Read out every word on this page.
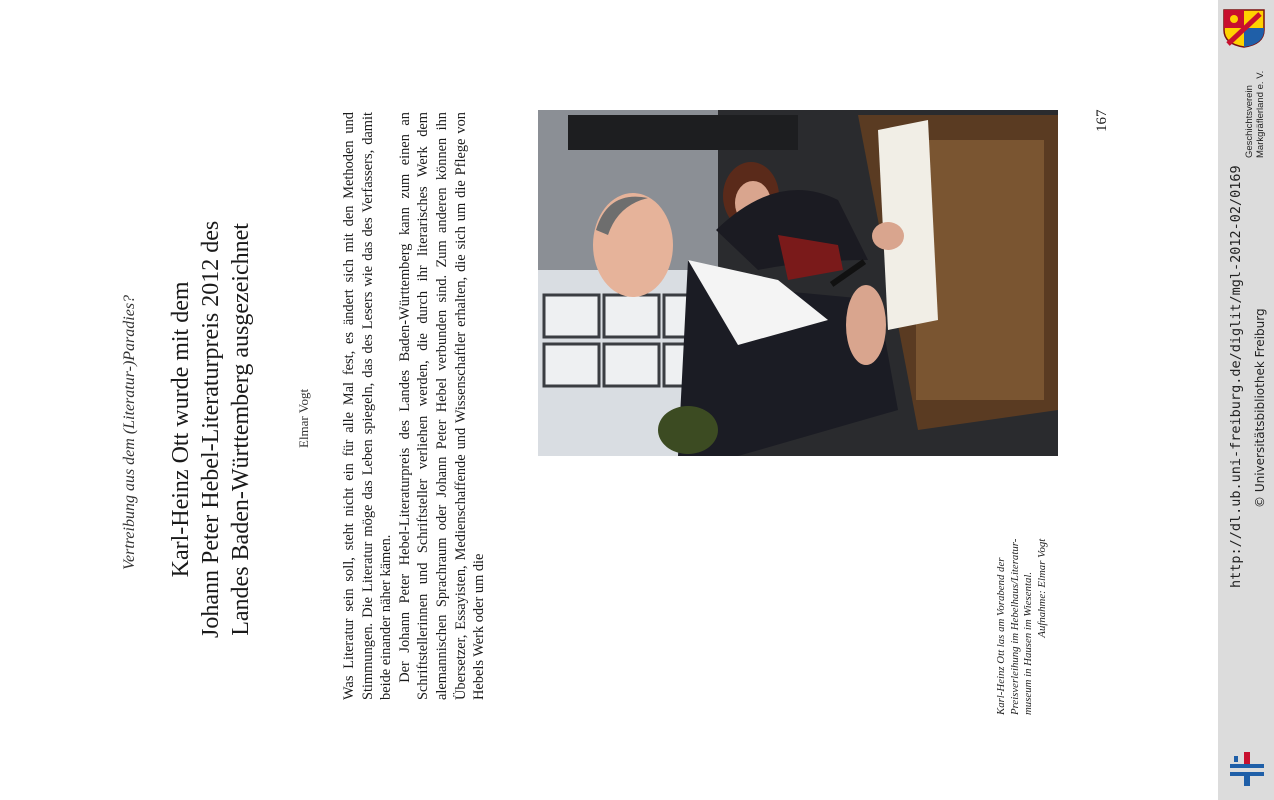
Vertreibung aus dem (Literatur-)Paradies? Karl-Heinz Ott wurde mit dem Johann Peter Hebel-Literaturpreis 2012 des Landes Baden-Württemberg ausgezeichnet	Elmar Vogt Was Literatur sein soll, steht nicht ein für alle Mal fest, es ändert sich mit den Methoden und Stimmungen. Die Literatur möge das Leben spiegeln, das des Lesers wie das des Verfassers, damit beide einander näher kämen. Der Johann Peter Hebel-Literaturpreis des Landes Baden-Württemberg kann zum einen an Schriftstellerinnen und Schriftsteller verliehen werden, die durch ihr literarisches Werk dem alemannischen Sprachraum oder Johann Peter Hebel verbunden sind. Zum anderen können ihn Übersetzer, Essayisten, Medienschaffende und Wissenschaftler erhalten, die sich um die Pflege von Hebels Werk oder um die	Karl-Heinz Ott las am Vorabend der Preisverleihung im Hebelhaus/Literatur- museum in Hausen im Wiesental. Aufnahme: Elmar Vogt
167	Geschichtsverein Markgräflerland e. V.
http://dl.ub.uni-freiburg.de/diglit/mgl-2012-02/0169 © Universitätsbibliothek Freiburg
